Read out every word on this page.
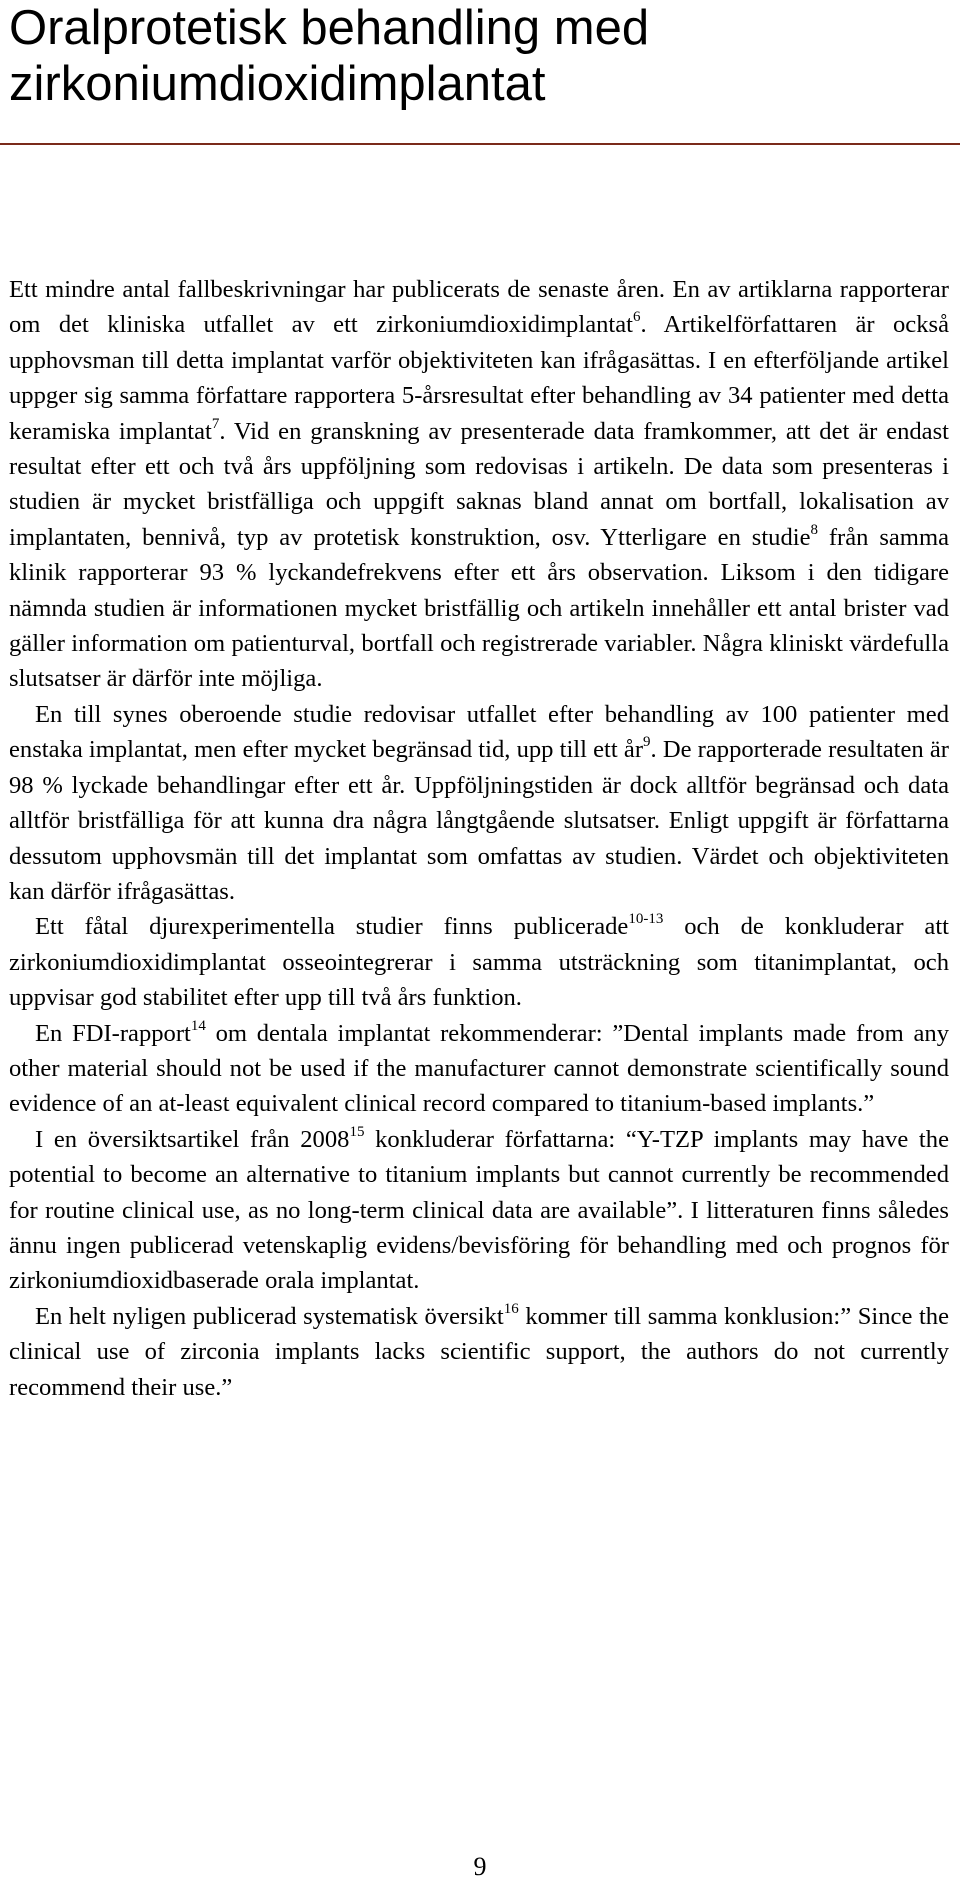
Oralprotetisk behandling med zirkoniumdioxidimplantat

Ett mindre antal fallbeskrivningar har publicerats de senaste åren. En av artiklarna rapporterar om det kliniska utfallet av ett zirkoniumdioxidimplantat$^6$. Artikelförfattaren är också upphovsman till detta implantat varför objektiviteten kan ifrågasättas. I en efterföljande artikel uppger sig samma författare rapportera 5-årsresultat efter behandling av 34 patienter med detta keramiska implantat$^7$. Vid en granskning av presenterade data framkommer, att det är endast resultat efter ett och två års uppföljning som redovisas i artikeln. De data som presenteras i studien är mycket bristfälliga och uppgift saknas bland annat om bortfall, lokalisation av implantaten, bennivå, typ av protetisk konstruktion, osv. Ytterligare en studie$^8$ från samma klinik rapporterar 93 % lyckandefrekvens efter ett års observation. Liksom i den tidigare nämnda studien är informationen mycket bristfällig och artikeln innehåller ett antal brister vad gäller information om patienturval, bortfall och registrerade variabler. Några kliniskt värdefulla slutsatser är därför inte möjliga.

En till synes oberoende studie redovisar utfallet efter behandling av 100 patienter med enstaka implantat, men efter mycket begränsad tid, upp till ett $år^9$. De rapporterade resultaten är 98 % lyckade behandlingar efter ett år. Uppföljningstiden är dock alltför begränsad och data alltför bristfälliga för att kunna dra några långtgående slutsatser. Enligt uppgift är författarna dessutom upphovsmän till det implantat som omfattas av studien. Värdet och objektiviteten kan därför ifrågasättas.

Ett fåtal djurexperimentella studier finns publicerade$^{10-13}$ och de konkluderar att zirkoniumdioxidimplantat osseointegrerar i samma utsträckning som titanimplantat, och uppvisar god stabilitet efter upp till två års funktion.

En FDI-rapport$^{14}$ om dentala implantat rekommenderar: ”Dental implants made from any other material should not be used if the manufacturer cannot demonstrate scientifically sound evidence of an at-least equivalent clinical record compared to titanium-based implants.”

I en översiktsartikel från 2008$^{15}$ konkluderar författarna: “Y-TZP implants may have the potential to become an alternative to titanium implants but cannot currently be recommended for routine clinical use, as no long-term clinical data are available”. I litteraturen finns således ännu ingen publicerad vetenskaplig evidens/bevisföring för behandling med och prognos för zirkoniumdioxidbaserade orala implantat.

En helt nyligen publicerad systematisk översikt$^{16}$ kommer till samma konklusion:” Since the clinical use of zirconia implants lacks scientific support, the authors do not currently recommend their use.”

9
